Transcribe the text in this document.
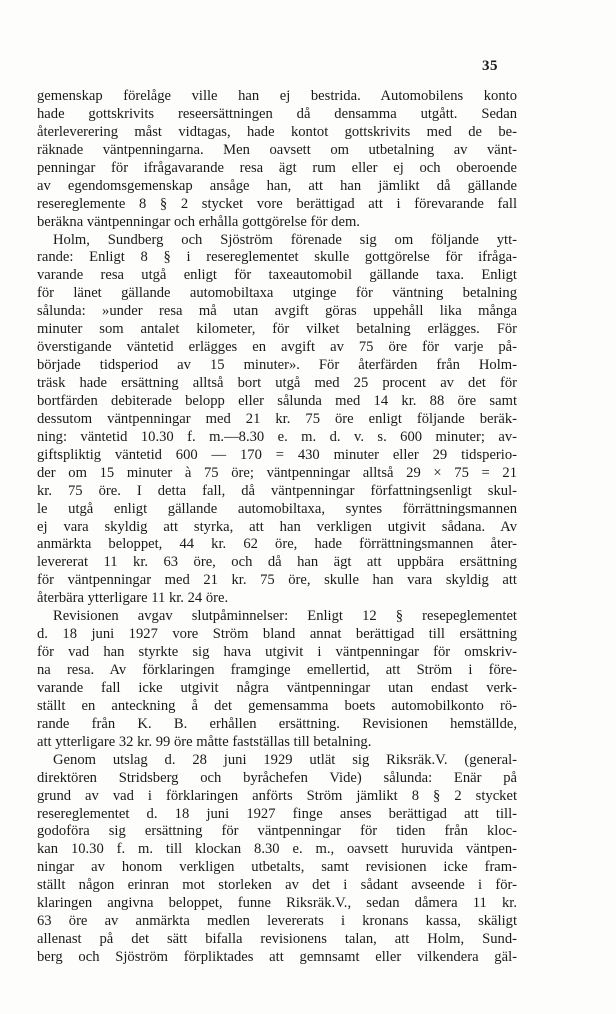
35
gemenskap förelåge ville han ej bestrida. Automobilens konto
hade gottskrivits reseersättningen då densamma utgått. Sedan
återleverering måst vidtagas, hade kontot gottskrivits med de be-
räknade väntpenningarna. Men oavsett om utbetalning av vänt-
penningar för ifrågavarande resa ägt rum eller ej och oberoende
av egendomsgemenskap ansåge han, att han jämlikt då gällande
resereglemente 8 § 2 stycket vore berättigad att i förevarande fall
beräkna väntpenningar och erhålla gottgörelse för dem.
Holm, Sundberg och Sjöström förenade sig om följande ytt-
rande: Enligt 8 § i resereglementet skulle gottgörelse för ifråga-
varande resa utgå enligt för taxeautomobil gällande taxa. Enligt
för länet gällande automobiltaxa utginge för väntning betalning
sålunda: »under resa må utan avgift göras uppehåll lika många
minuter som antalet kilometer, för vilket betalning erlägges. För
överstigande väntetid erlägges en avgift av 75 öre för varje på-
började tidsperiod av 15 minuter». För återfärden från Holm-
träsk hade ersättning alltså bort utgå med 25 procent av det för
bortfärden debiterade belopp eller sålunda med 14 kr. 88 öre samt
dessutom väntpenningar med 21 kr. 75 öre enligt följande beräk-
ning: väntetid 10.30 f. m.—8.30 e. m. d. v. s. 600 minuter; av-
giftspliktig väntetid 600 — 170 = 430 minuter eller 29 tidsperio-
der om 15 minuter à 75 öre; väntpenningar alltså 29 × 75 = 21
kr. 75 öre. I detta fall, då väntpenningar författningsenligt skul-
le utgå enligt gällande automobiltaxa, syntes förrättningsmannen
ej vara skyldig att styrka, att han verkligen utgivit sådana. Av
anmärkta beloppet, 44 kr. 62 öre, hade förrättningsmannen åter-
levererat 11 kr. 63 öre, och då han ägt att uppbära ersättning
för väntpenningar med 21 kr. 75 öre, skulle han vara skyldig att
återbära ytterligare 11 kr. 24 öre.
Revisionen avgav slutpåminnelser: Enligt 12 § reseреglementet
d. 18 juni 1927 vore Ström bland annat berättigad till ersättning
för vad han styrkte sig hava utgivit i väntpenningar för omskriv-
na resa. Av förklaringen framginge emellertid, att Ström i före-
varande fall icke utgivit några väntpenningar utan endast verk-
ställt en anteckning å det gemensamma boets automobilkonto rö-
rande från K. B. erhållen ersättning. Revisionen hemställde,
att ytterligare 32 kr. 99 öre måtte fastställas till betalning.
Genom utslag d. 28 juni 1929 utlät sig Riksräk.V. (general-
direktören Stridsberg och byråchefen Vide) sålunda: Enär på
grund av vad i förklaringen anförts Ström jämlikt 8 § 2 stycket
resereglementet d. 18 juni 1927 finge anses berättigad att till-
godoföra sig ersättning för väntpenningar för tiden från kloc-
kan 10.30 f. m. till klockan 8.30 e. m., oavsett huruvida väntpen-
ningar av honom verkligen utbetalts, samt revisionen icke fram-
ställt någon erinran mot storleken av det i sådant avseende i för-
klaringen angivna beloppet, funne Riksräk.V., sedan dåmera 11 kr.
63 öre av anmärkta medlen levererats i kronans kassa, skäligt
allenast på det sätt bifalla revisionens talan, att Holm, Sund-
berg och Sjöström förpliktades att gemnsamt eller vilkendera gäl-
